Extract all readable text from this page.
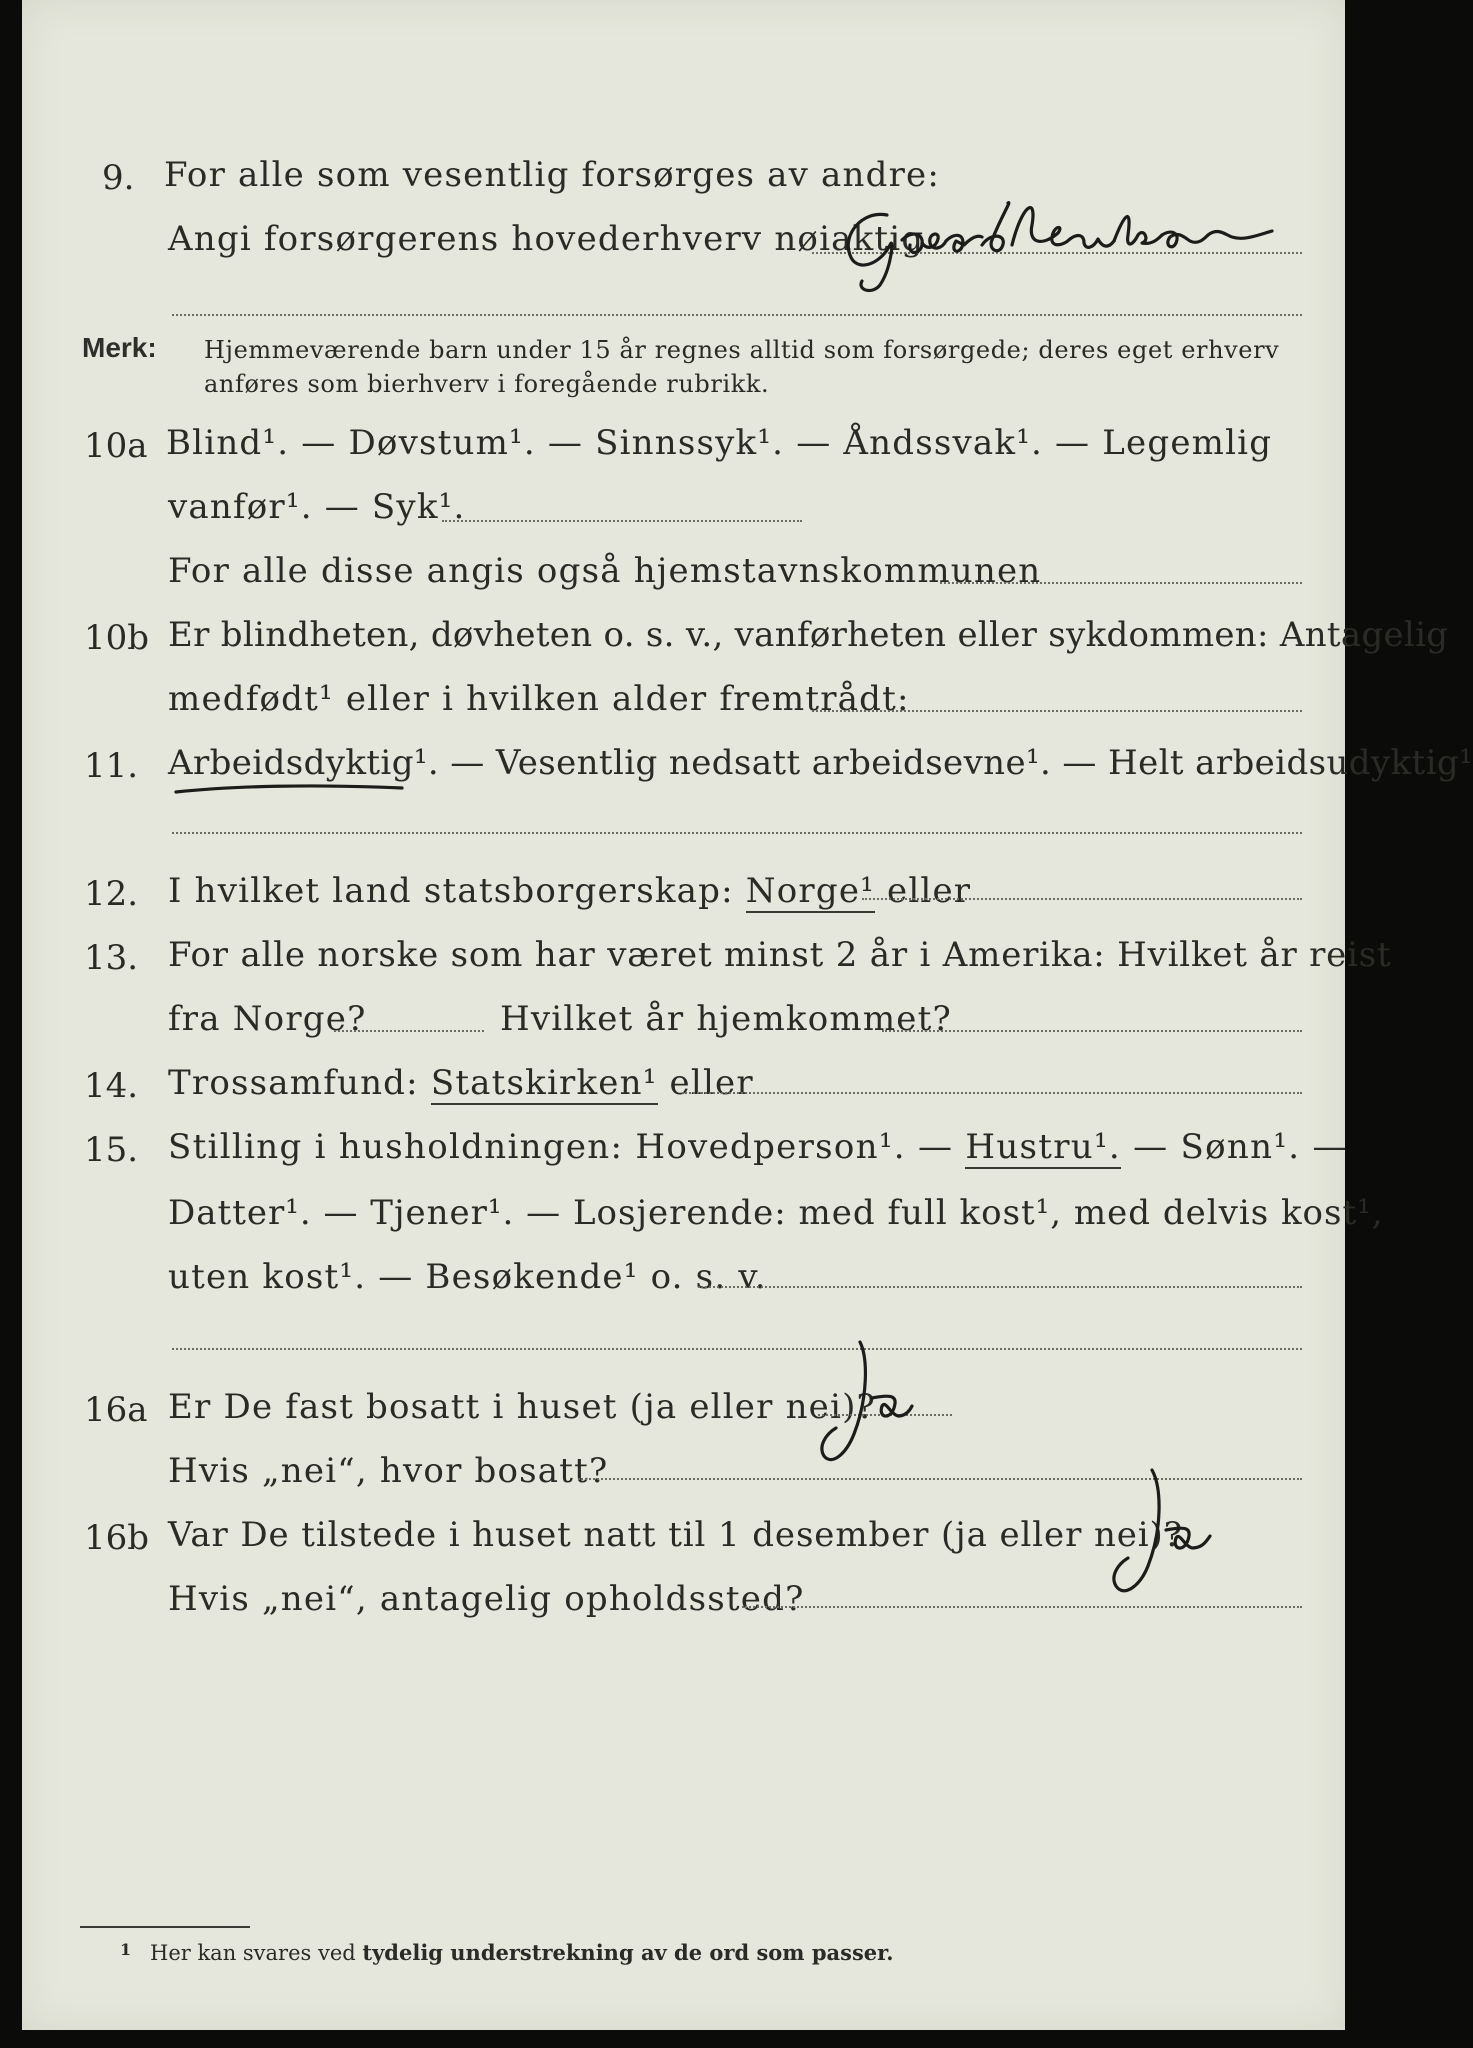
9. For alle som vesentlig forsørges av andre:
Angi forsørgerens hovederhverv nøiaktig
Merk: Hjemmeværende barn under 15 år regnes alltid som forsørgede; deres eget erhverv
anføres som bierhverv i foregående rubrikk.
10a Blind¹. — Døvstum¹. — Sinnssyk¹. — Åndssvak¹. — Legemlig
vanfør¹. — Syk¹.
For alle disse angis også hjemstavnskommunen
10b Er blindheten, døvheten o. s. v., vanførheten eller sykdommen: Antagelig
medfødt¹ eller i hvilken alder fremtrådt:
11. Arbeidsdyktig¹. — Vesentlig nedsatt arbeidsevne¹. — Helt arbeidsudyktig¹
12. I hvilket land statsborgerskap: Norge¹ eller
13. For alle norske som har været minst 2 år i Amerika: Hvilket år reist
fra Norge?	Hvilket år hjemkommet?
14. Trossamfund: Statskirken¹ eller
15. Stilling i husholdningen: Hovedperson¹. — Hustru¹. — Sønn¹. —
Datter¹. — Tjener¹. — Losjerende: med full kost¹, med delvis kost¹,
uten kost¹. — Besøkende¹ o. s. v.
16a Er De fast bosatt i huset (ja eller nei)?
Hvis „nei“, hvor bosatt?
16b Var De tilstede i huset natt til 1 desember (ja eller nei)?
Hvis „nei“, antagelig opholdssted?
1 Her kan svares ved tydelig understrekning av de ord som passer.
